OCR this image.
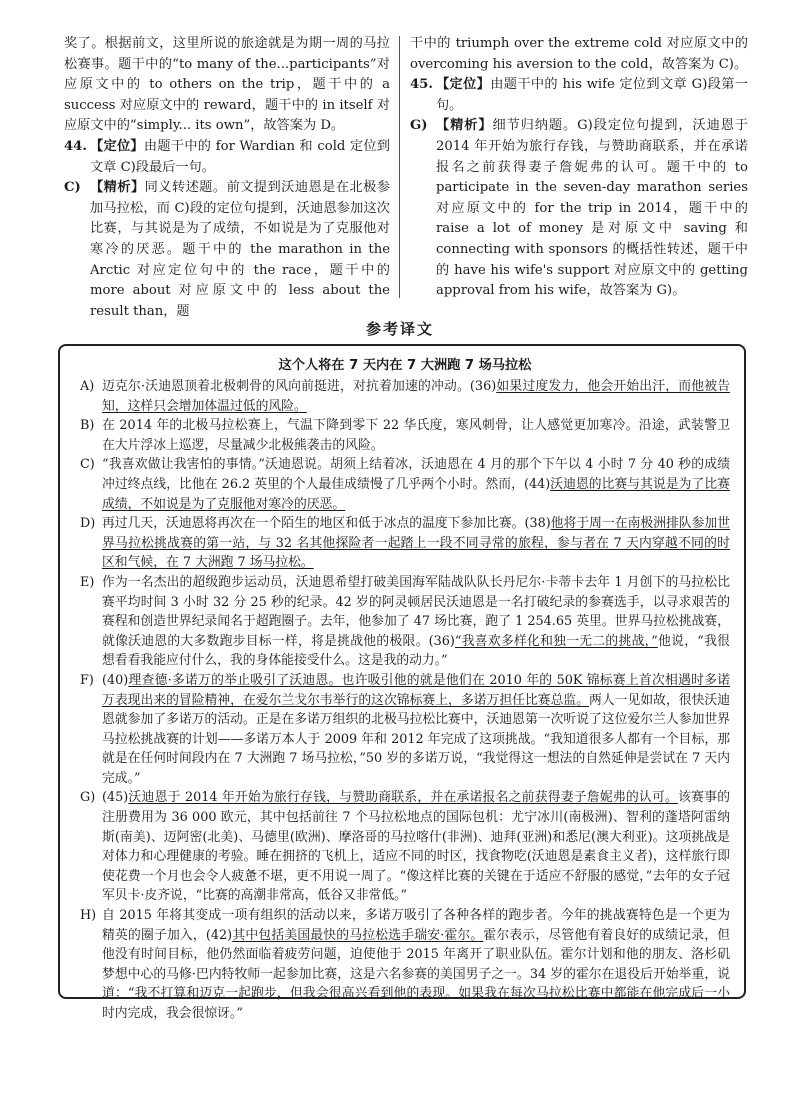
奖了。根据前文，这里所说的旅途就是为期一周的马拉松赛事。题干中的“to many of the...participants”对应原文中的 to others on the trip，题干中的 a success 对应原文中的 reward，题干中的 in itself 对应原文中的“simply... its own”，故答案为 D。

44. 【定位】由题干中的 for Wardian 和 cold 定位到文章 C)段最后一句。
C) 【精析】同义转述题。前文提到沃迪恩是在北极参加马拉松，而 C)段的定位句提到，沃迪恩参加这次比赛，与其说是为了成绩，不如说是为了克服他对寒冷的厌恶。题干中的 the marathon in the Arctic 对应定位句中的 the race，题干中的 more about 对应原文中的 less about the result than，题

干中的 triumph over the extreme cold 对应原文中的 overcoming his aversion to the cold，故答案为 C)。

45. 【定位】由题干中的 his wife 定位到文章 G)段第一句。
G) 【精析】细节归纳题。G)段定位句提到，沃迪恩于 2014 年开始为旅行存钱，与赞助商联系，并在承诺报名之前获得妻子詹妮弗的认可。题干中的 to participate in the seven-day marathon series 对应原文中的 for the trip in 2014，题干中的 raise a lot of money 是对原文中 saving 和 connecting with sponsors 的概括性转述，题干中的 have his wife's support 对应原文中的 getting approval from his wife，故答案为 G)。
参考译文
这个人将在 7 天内在 7 大洲跑 7 场马拉松

A) 迈克尔·沃迪恩顶着北极刺骨的风向前挺进，对抗着加速的冲动。(36)如果过度发力，他会开始出汗，而他被告知，这样只会增加体温过低的风险。

B) 在 2014 年的北极马拉松赛上，气温下降到零下 22 华氏度，寒风刺骨，让人感觉更加寒冷。沿途，武装警卫在大片浮冰上巡逻，尽量减少北极熊袭击的风险。

C) “我喜欢做让我害怕的事情。”沃迪恩说。胡须上结着冰，沃迪恩在 4 月的那个下午以 4 小时 7 分 40 秒的成绩冲过终点线，比他在 26.2 英里的个人最佳成绩慢了几乎两个小时。然而，(44)沃迪恩的比赛与其说是为了比赛成绩，不如说是为了克服他对寒冷的厌恶。

D) 再过几天，沃迪恩将再次在一个陌生的地区和低于冰点的温度下参加比赛。(38)他将于周一在南极洲排队参加世界马拉松挑战赛的第一站，与 32 名其他探险者一起踏上一段不同寻常的旅程，参与者在 7 天内穿越不同的时区和气候，在 7 大洲跑 7 场马拉松。

E) 作为一名杰出的超级跑步运动员，沃迪恩希望打破美国海军陆战队队长丹尼尔·卡蒂卡去年 1 月创下的马拉松比赛平均时间 3 小时 32 分 25 秒的纪录。42 岁的阿灵顿居民沃迪恩是一名打破纪录的参赛选手，以寻求艰苦的赛程和创造世界纪录闻名于超跑圈子。去年，他参加了 47 场比赛，跑了 1 254.65 英里。世界马拉松挑战赛，就像沃迪恩的大多数跑步目标一样，将是挑战他的极限。(36)“我喜欢多样化和独一无二的挑战，”他说，“我很想看看我能应付什么，我的身体能接受什么。这是我的动力。”

F) (40)理查德·多诺万的举止吸引了沃迪恩。也许吸引他的就是他们在 2010 年的 50K 锦标赛上首次相遇时多诺万表现出来的冒险精神，在爱尔兰戈尔韦举行的这次锦标赛上，多诺万担任比赛总监。两人一见如故，很快沃迪恩就参加了多诺万的活动。正是在多诺万组织的北极马拉松比赛中，沃迪恩第一次听说了这位爱尔兰人参加世界马拉松挑战赛的计划——多诺万本人于 2009 年和 2012 年完成了这项挑战。“我知道很多人都有一个目标，那就是在任何时间段内在 7 大洲跑 7 场马拉松，”50 岁的多诺万说，“我觉得这一想法的自然延伸是尝试在 7 天内完成。”

G) (45)沃迪恩于 2014 年开始为旅行存钱，与赞助商联系，并在承诺报名之前获得妻子詹妮弗的认可。该赛事的注册费用为 36 000 欧元，其中包括前往 7 个马拉松地点的国际包机：尤宁冰川(南极洲)、智利的蓬塔阿雷纳斯(南美)、迈阿密(北美)、马德里(欧洲)、摩洛哥的马拉喀什(非洲)、迪拜(亚洲)和悉尼(澳大利亚)。这项挑战是对体力和心理健康的考验。睡在拥挤的飞机上，适应不同的时区，找食物吃(沃迪恩是素食主义者)，这样旅行即使花费一个月也会令人疲惫不堪，更不用说一周了。“像这样比赛的关键在于适应不舒服的感觉，”去年的女子冠军贝卡·皮齐说，“比赛的高潮非常高，低谷又非常低。”

H) 自 2015 年将其变成一项有组织的活动以来，多诺万吸引了各种各样的跑步者。今年的挑战赛特色是一个更为精英的圈子加入，(42)其中包括美国最快的马拉松选手瑞安·霍尔。霍尔表示，尽管他有着良好的成绩记录，但他没有时间目标，他仍然面临着疲劳问题，迫使他于 2015 年离开了职业队伍。霍尔计划和他的朋友、洛杉矶梦想中心的马修·巴内特牧师一起参加比赛，这是六名参赛的美国男子之一。34 岁的霍尔在退役后开始举重，说道：“我不打算和迈克一起跑步，但我会很高兴看到他的表现。如果我在每次马拉松比赛中都能在他完成后一小时内完成，我会很惊讶。”
